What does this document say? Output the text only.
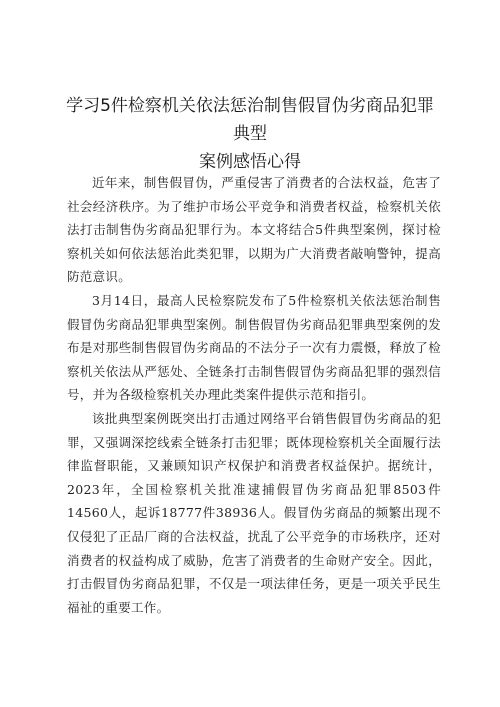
学习5件检察机关依法惩治制售假冒伪劣商品犯罪典型
案例感悟心得

近年来，制售假冒伪，严重侵害了消费者的合法权益，危害了社会经济秩序。为了维护市场公平竞争和消费者权益，检察机关依法打击制售伪劣商品犯罪行为。本文将结合5件典型案例，探讨检察机关如何依法惩治此类犯罪，以期为广大消费者敲响警钟，提高防范意识。

3月14日，最高人民检察院发布了5件检察机关依法惩治制售假冒伪劣商品犯罪典型案例。制售假冒伪劣商品犯罪典型案例的发布是对那些制售假冒伪劣商品的不法分子一次有力震慑，释放了检察机关依法从严惩处、全链条打击制售假冒伪劣商品犯罪的强烈信号，并为各级检察机关办理此类案件提供示范和指引。

该批典型案例既突出打击通过网络平台销售假冒伪劣商品的犯罪，又强调深挖线索全链条打击犯罪；既体现检察机关全面履行法律监督职能，又兼顾知识产权保护和消费者权益保护。据统计，2023年，全国检察机关批准逮捕假冒伪劣商品犯罪8503件14560人，起诉18777件38936人。假冒伪劣商品的频繁出现不仅侵犯了正品厂商的合法权益，扰乱了公平竞争的市场秩序，还对消费者的权益构成了威胁，危害了消费者的生命财产安全。因此，打击假冒伪劣商品犯罪，不仅是一项法律任务，更是一项关乎民生福祉的重要工作。
